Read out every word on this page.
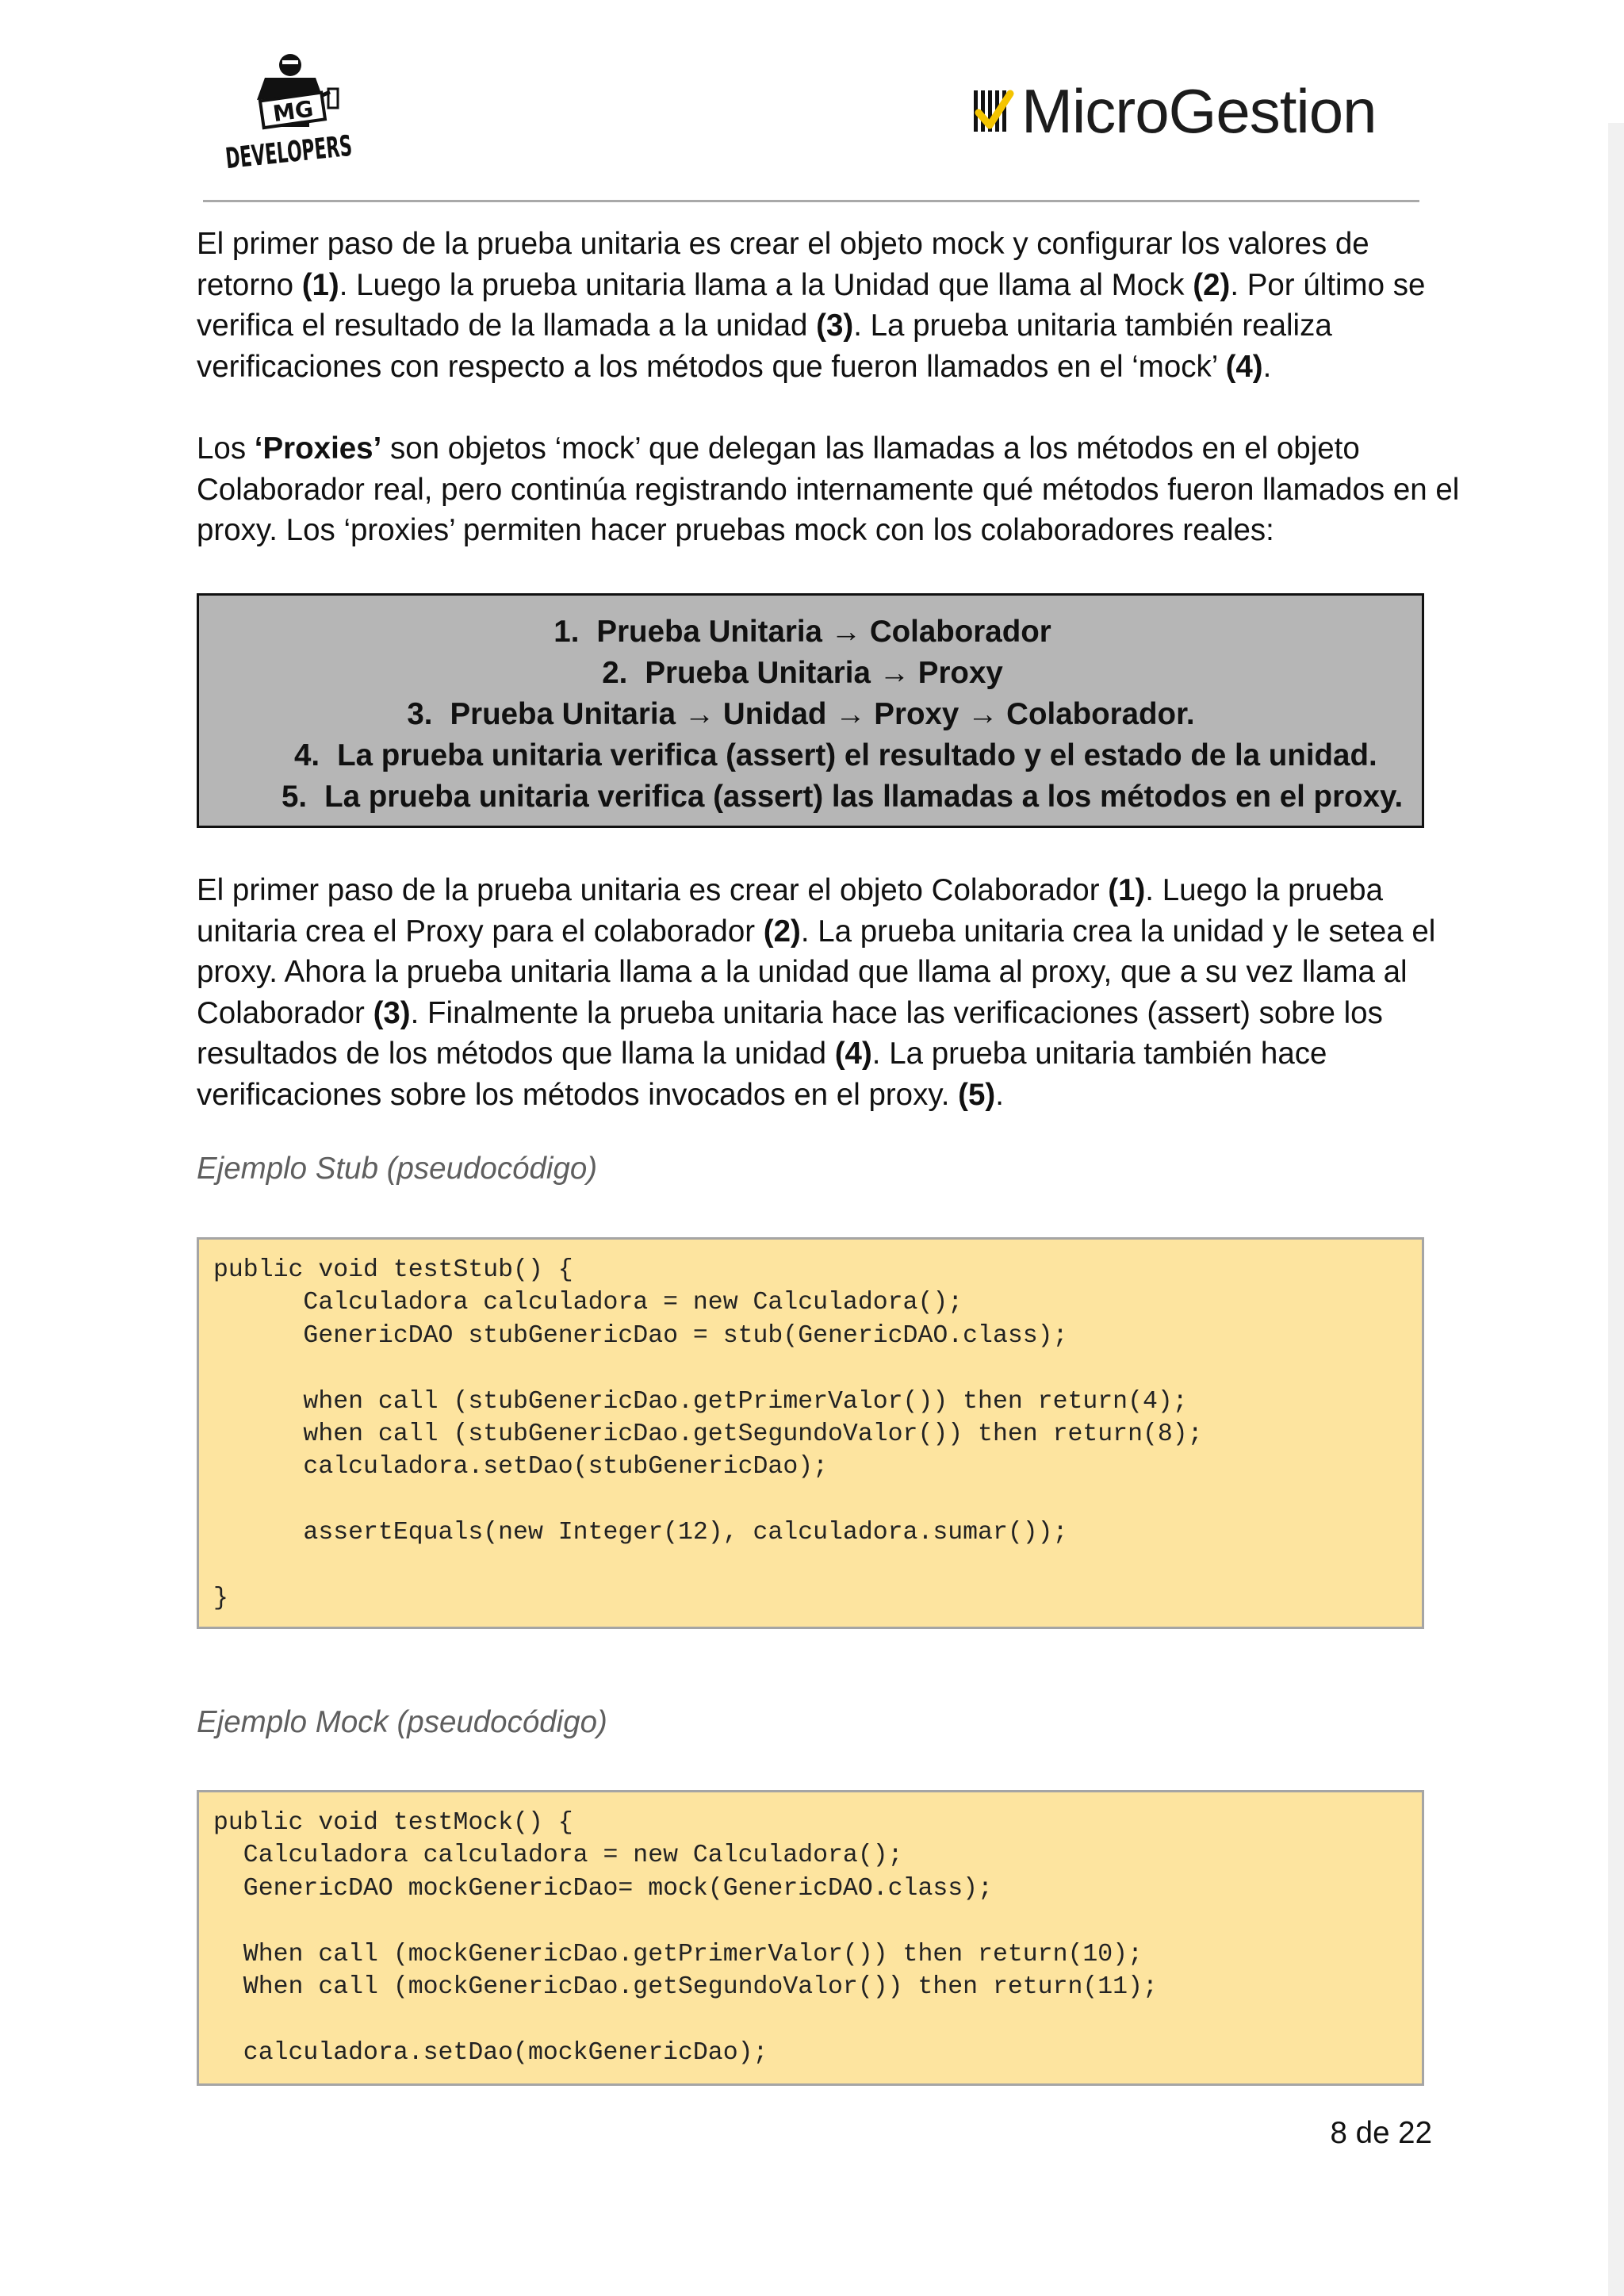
MG
DEVELOPERS
MicroGestion
El primer paso de la prueba unitaria es crear el objeto mock y configurar los valores de
retorno (1). Luego la prueba unitaria llama a la Unidad que llama al Mock (2). Por último se
verifica el resultado de la llamada a la unidad (3). La prueba unitaria también realiza
verificaciones con respecto a los métodos que fueron llamados en el ‘mock’ (4).
Los ‘Proxies’ son objetos ‘mock’ que delegan las llamadas a los métodos en el objeto
Colaborador real, pero continúa registrando internamente qué métodos fueron llamados en el
proxy. Los ‘proxies’ permiten hacer pruebas mock con los colaboradores reales:
1. Prueba Unitaria → Colaborador
2. Prueba Unitaria → Proxy
3. Prueba Unitaria → Unidad → Proxy → Colaborador.
4. La prueba unitaria verifica (assert) el resultado y el estado de la unidad.
5. La prueba unitaria verifica (assert) las llamadas a los métodos en el proxy.
El primer paso de la prueba unitaria es crear el objeto Colaborador (1). Luego la prueba
unitaria crea el Proxy para el colaborador (2). La prueba unitaria crea la unidad y le setea el
proxy. Ahora la prueba unitaria llama a la unidad que llama al proxy, que a su vez llama al
Colaborador (3). Finalmente la prueba unitaria hace las verificaciones (assert) sobre los
resultados de los métodos que llama la unidad (4). La prueba unitaria también hace
verificaciones sobre los métodos invocados en el proxy. (5).

Ejemplo Stub (pseudocódigo)

public void testStub() {
Calculadora calculadora = new Calculadora();
GenericDAO stubGenericDao = stub(GenericDAO.class);
when call (stubGenericDao.getPrimerValor()) then return(4);
when call (stubGenericDao.getSegundoValor()) then return(8);
calculadora.setDao(stubGenericDao);
assertEquals(new Integer(12), calculadora.sumar());
}

Ejemplo Mock (pseudocódigo)

public void testMock() {
Calculadora calculadora = new Calculadora();
GenericDAO mockGenericDao= mock(GenericDAO.class);
When call (mockGenericDao.getPrimerValor()) then return(10);
When call (mockGenericDao.getSegundoValor()) then return(11);
calculadora.setDao(mockGenericDao);
8 de 22
